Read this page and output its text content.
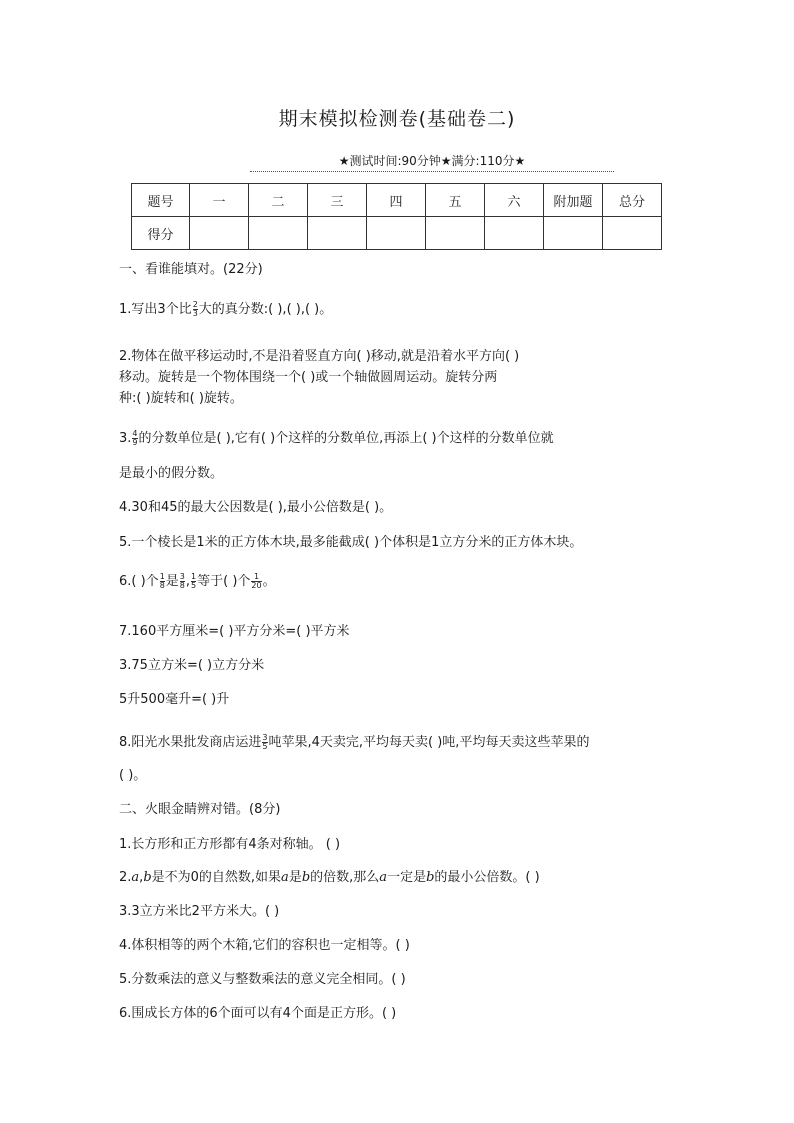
期末模拟检测卷(基础卷二)
★测试时间:90分钟★满分:110分★
题号	一	二	三	四	五	六	附加题	总分
得分								
一、看谁能填对。(22分)
1.写出3个比 $\frac{2}{3}$ 大的真分数:( ),( ),( )。
2.物体在做平移运动时,不是沿着竖直方向( )移动,就是沿着水平方向( )
移动。旋转是一个物体围绕一个( )或一个轴做圆周运动。旋转分两
种:( )旋转和( )旋转。
3. $\frac{4}{9}$ 的分数单位是( ),它有( )个这样的分数单位,再添上( )个这样的分数单位就
是最小的假分数。
4.30和45的最大公因数是( ),最小公倍数是( )。
5.一个棱长是1米的正方体木块,最多能截成( )个体积是1立方分米的正方体木块。
6.( )个 $\frac{1}{8}$ 是 $\frac{3}{8}$ , $\frac{1}{5}$ 等于( )个 $\frac{1}{20}$ 。
7.160平方厘米=( )平方分米=( )平方米
3.75立方米=( )立方分米
5升500毫升=( )升
8.阳光水果批发商店运进 $\frac{3}{5}$ 吨苹果,4天卖完,平均每天卖( )吨,平均每天卖这些苹果的
( )。
二、火眼金睛辨对错。(8分)
1.长方形和正方形都有4条对称轴。 ( )
2.a,b是不为0的自然数,如果a是b的倍数,那么a一定是b的最小公倍数。( )
3.3立方米比2平方米大。( )
4.体积相等的两个木箱,它们的容积也一定相等。( )
5.分数乘法的意义与整数乘法的意义完全相同。( )
6.围成长方体的6个面可以有4个面是正方形。( )
